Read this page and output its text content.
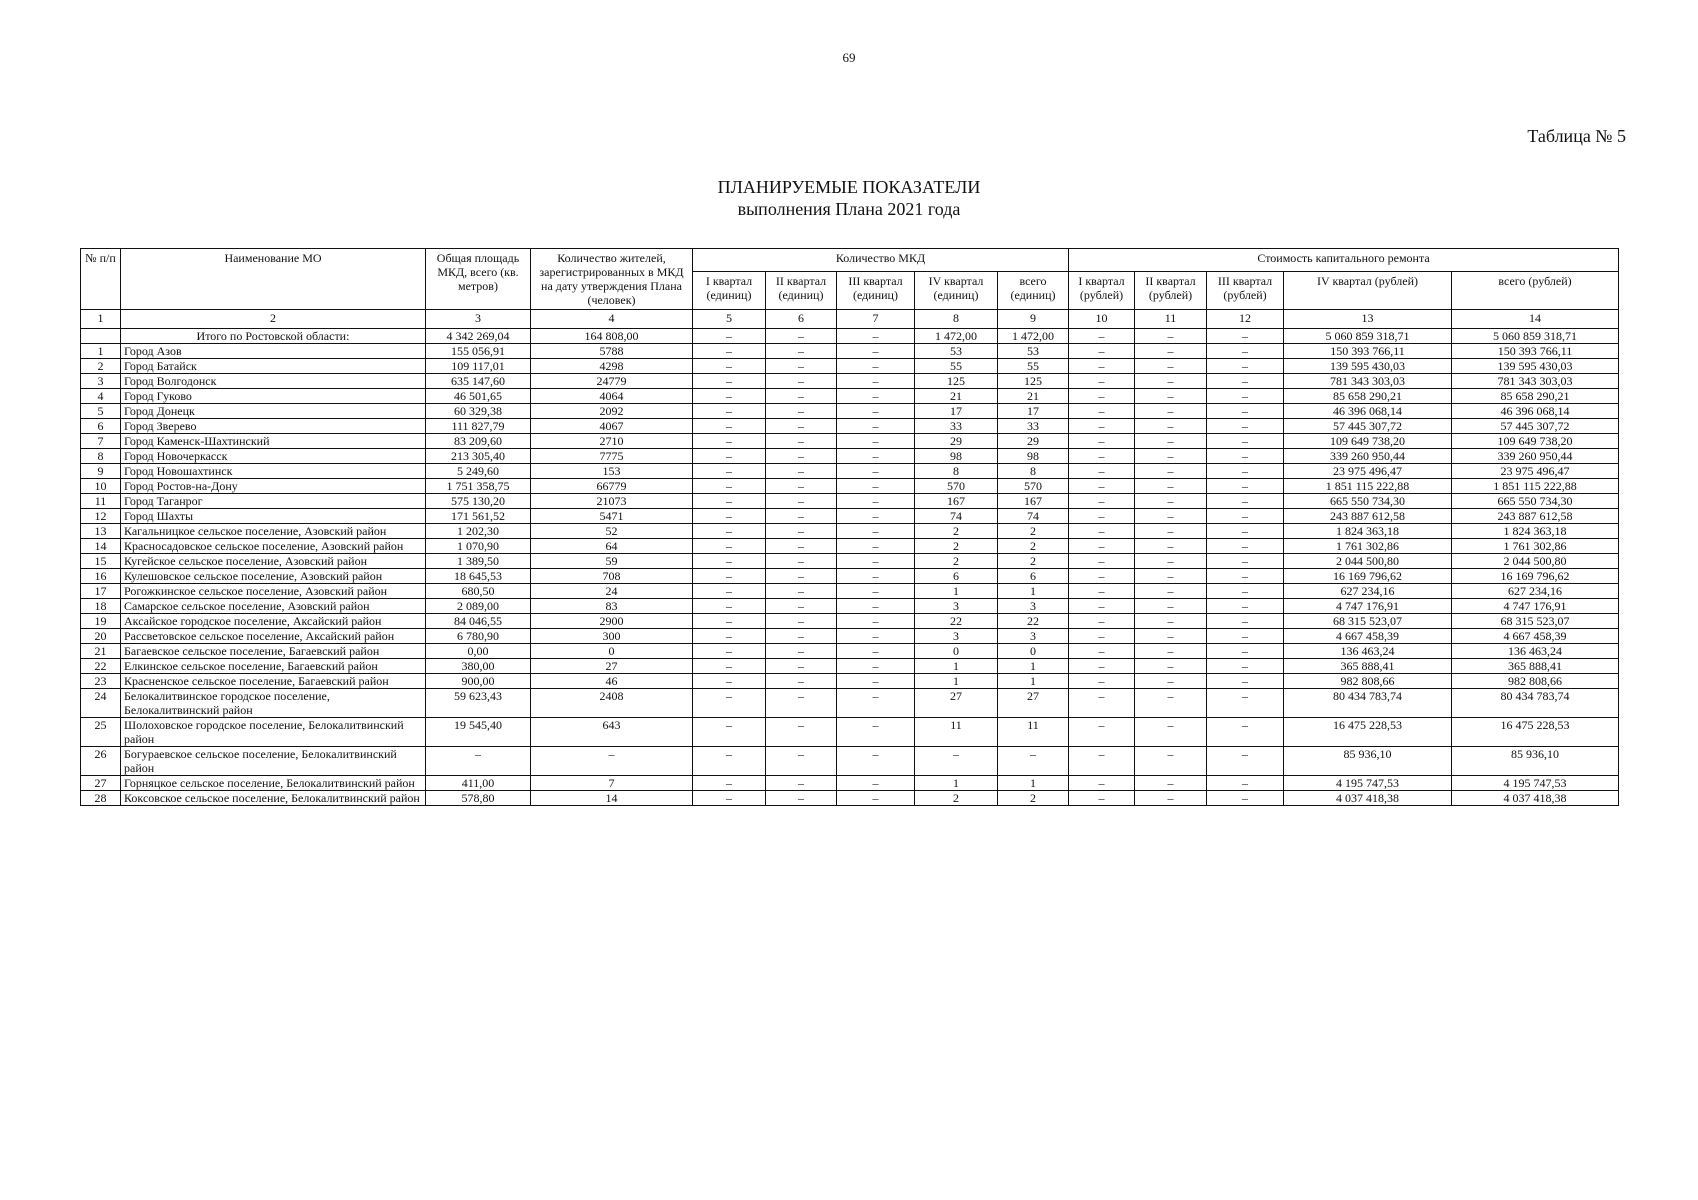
69
Таблица № 5
ПЛАНИРУЕМЫЕ ПОКАЗАТЕЛИ
выполнения Плана 2021 года
№ п/п	Наименование МО	Общая площадь МКД, всего (кв. метров)	Количество жителей, зарегистрированных в МКД на дату утверждения Плана (человек)	Количество МКД					Стоимость капитального ремонта				
				I квартал (единиц)	II квартал (единиц)	III квартал (единиц)	IV квартал (единиц)	всего (единиц)	I квартал (рублей)	II квартал (рублей)	III квартал (рублей)	IV квартал (рублей)	всего (рублей)
1	2	3	4	5	6	7	8	9	10	11	12	13	14
	Итого по Ростовской области:	4 342 269,04	164 808,00	–	–	–	1 472,00	1 472,00	–	–	–	5 060 859 318,71	5 060 859 318,71
1	Город Азов	155 056,91	5788	–	–	–	53	53	–	–	–	150 393 766,11	150 393 766,11
2	Город Батайск	109 117,01	4298	–	–	–	55	55	–	–	–	139 595 430,03	139 595 430,03
3	Город Волгодонск	635 147,60	24779	–	–	–	125	125	–	–	–	781 343 303,03	781 343 303,03
4	Город Гуково	46 501,65	4064	–	–	–	21	21	–	–	–	85 658 290,21	85 658 290,21
5	Город Донецк	60 329,38	2092	–	–	–	17	17	–	–	–	46 396 068,14	46 396 068,14
6	Город Зверево	111 827,79	4067	–	–	–	33	33	–	–	–	57 445 307,72	57 445 307,72
7	Город Каменск-Шахтинский	83 209,60	2710	–	–	–	29	29	–	–	–	109 649 738,20	109 649 738,20
8	Город Новочеркасск	213 305,40	7775	–	–	–	98	98	–	–	–	339 260 950,44	339 260 950,44
9	Город Новошахтинск	5 249,60	153	–	–	–	8	8	–	–	–	23 975 496,47	23 975 496,47
10	Город Ростов-на-Дону	1 751 358,75	66779	–	–	–	570	570	–	–	–	1 851 115 222,88	1 851 115 222,88
11	Город Таганрог	575 130,20	21073	–	–	–	167	167	–	–	–	665 550 734,30	665 550 734,30
12	Город Шахты	171 561,52	5471	–	–	–	74	74	–	–	–	243 887 612,58	243 887 612,58
13	Кагальницкое сельское поселение, Азовский район	1 202,30	52	–	–	–	2	2	–	–	–	1 824 363,18	1 824 363,18
14	Красносадовское сельское поселение, Азовский район	1 070,90	64	–	–	–	2	2	–	–	–	1 761 302,86	1 761 302,86
15	Кугейское сельское поселение, Азовский район	1 389,50	59	–	–	–	2	2	–	–	–	2 044 500,80	2 044 500,80
16	Кулешовское сельское поселение, Азовский район	18 645,53	708	–	–	–	6	6	–	–	–	16 169 796,62	16 169 796,62
17	Рогожкинское сельское поселение, Азовский район	680,50	24	–	–	–	1	1	–	–	–	627 234,16	627 234,16
18	Самарское сельское поселение, Азовский район	2 089,00	83	–	–	–	3	3	–	–	–	4 747 176,91	4 747 176,91
19	Аксайское городское поселение, Аксайский район	84 046,55	2900	–	–	–	22	22	–	–	–	68 315 523,07	68 315 523,07
20	Рассветовское сельское поселение, Аксайский район	6 780,90	300	–	–	–	3	3	–	–	–	4 667 458,39	4 667 458,39
21	Багаевское сельское поселение, Багаевский район	0,00	0	–	–	–	0	0	–	–	–	136 463,24	136 463,24
22	Елкинское сельское поселение, Багаевский район	380,00	27	–	–	–	1	1	–	–	–	365 888,41	365 888,41
23	Красненское сельское поселение, Багаевский район	900,00	46	–	–	–	1	1	–	–	–	982 808,66	982 808,66
24	Белокалитвинское городское поселение, Белокалитвинский район	59 623,43	2408	–	–	–	27	27	–	–	–	80 434 783,74	80 434 783,74
25	Шолоховское городское поселение, Белокалитвинский район	19 545,40	643	–	–	–	11	11	–	–	–	16 475 228,53	16 475 228,53
26	Богураевское сельское поселение, Белокалитвинский район	–	–	–	–	–	–	–	–	–	–	85 936,10	85 936,10
27	Горняцкое сельское поселение, Белокалитвинский район	411,00	7	–	–	–	1	1	–	–	–	4 195 747,53	4 195 747,53
28	Коксовское сельское поселение, Белокалитвинский район	578,80	14	–	–	–	2	2	–	–	–	4 037 418,38	4 037 418,38
